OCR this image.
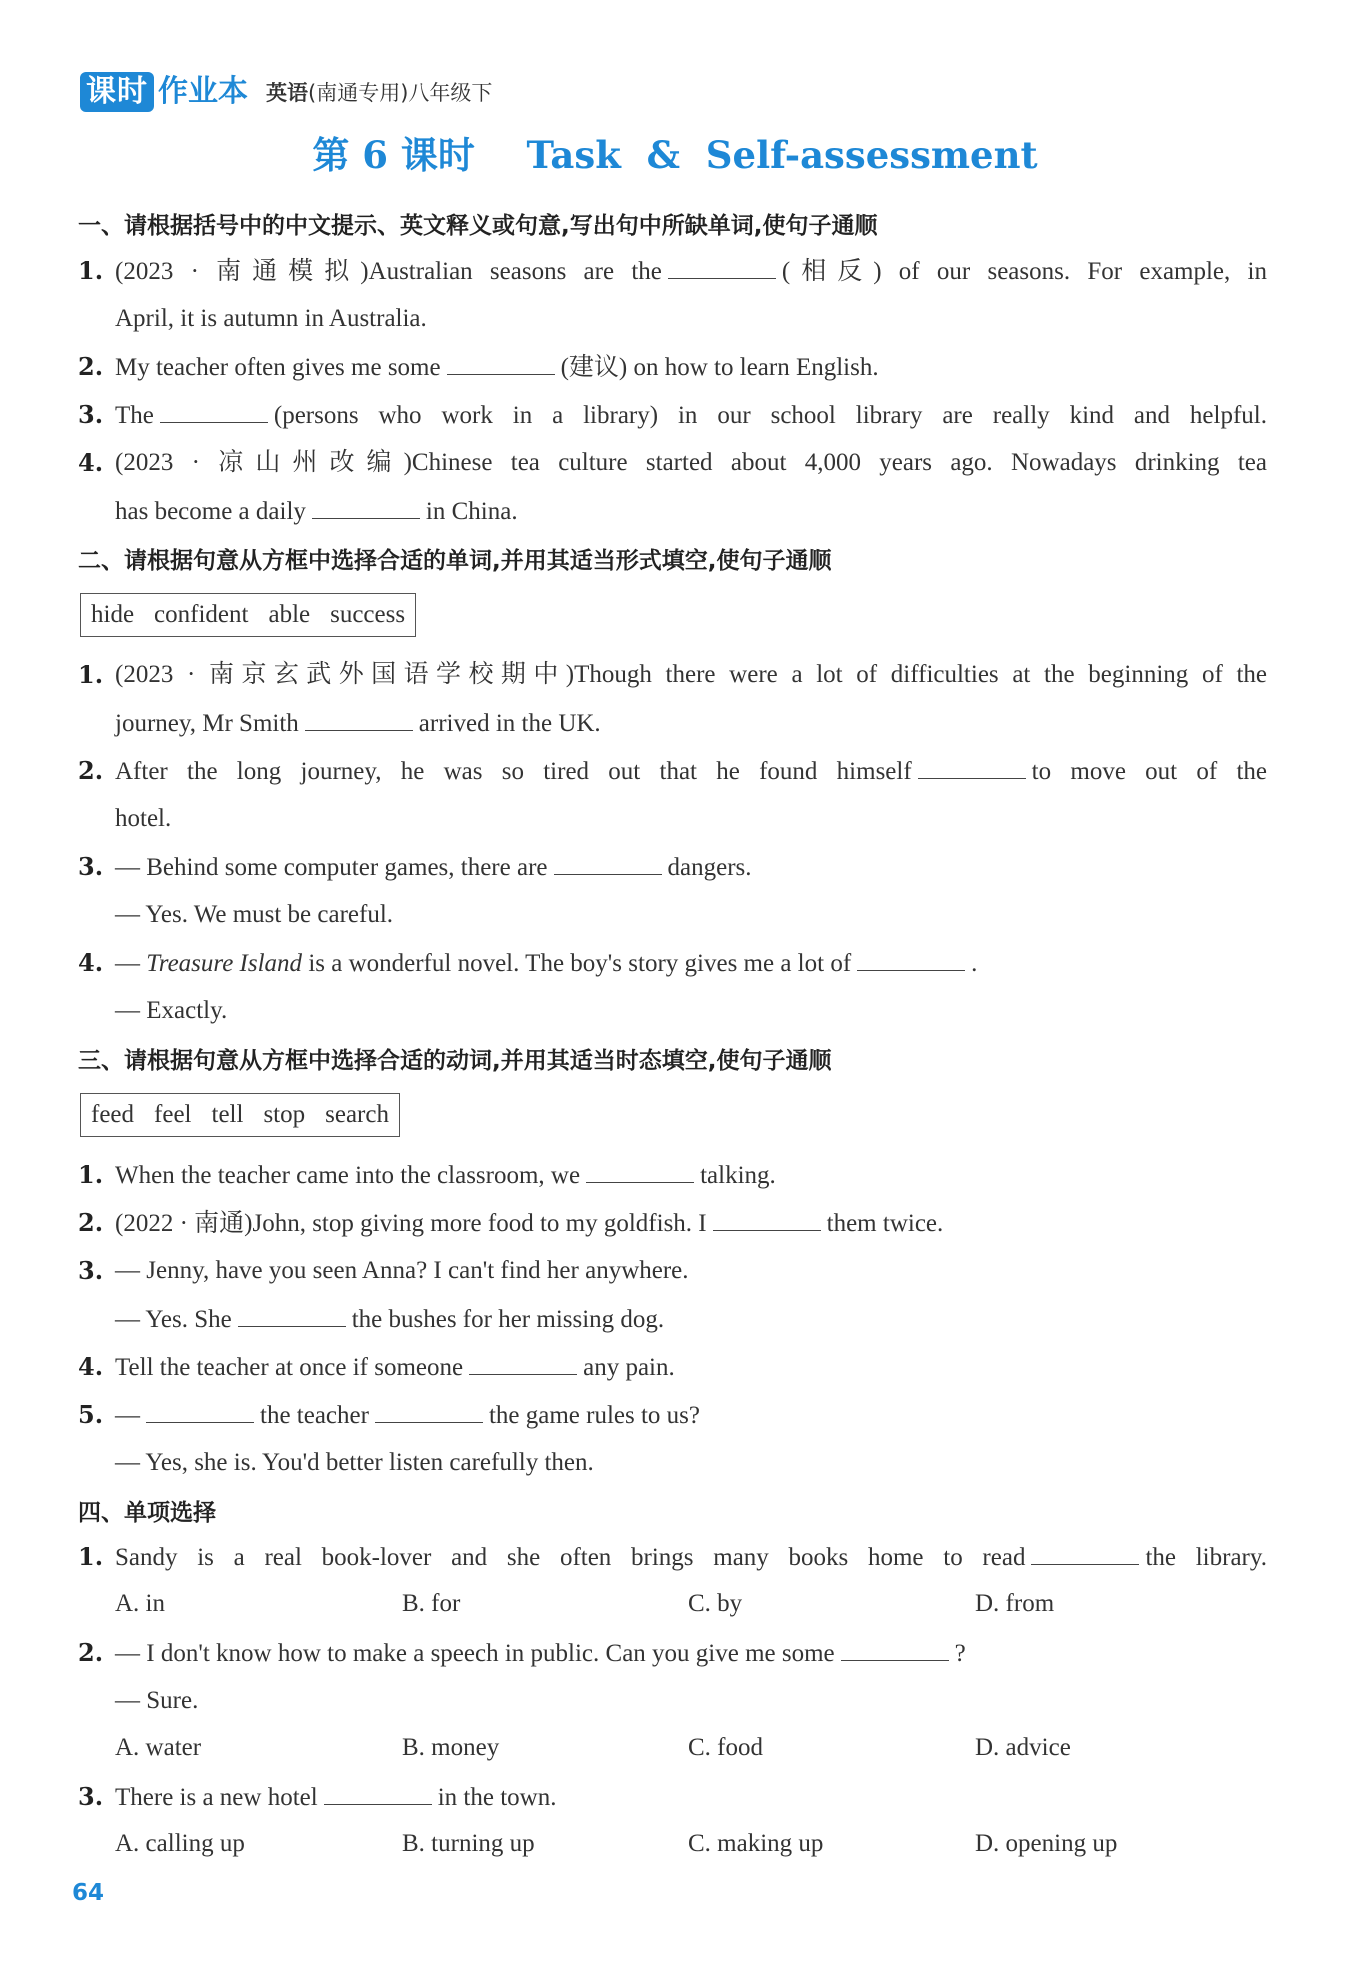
课时 作业本 英语(南通专用)八年级下
第 6 课时    Task  &  Self-assessment
一、请根据括号中的中文提示、英文释义或句意,写出句中所缺单词,使句子通顺
1. (2023 · 南通模拟)Australian seasons are the	(相反) of our seasons. For example, in
April, it is autumn in Australia.
2. My teacher often gives me some	(建议) on how to learn English.
3. The	(persons who work in a library) in our school library are really kind and helpful.
4. (2023 · 凉山州改编)Chinese tea culture started about 4,000 years ago. Nowadays drinking tea
has become a daily	in China.
二、请根据句意从方框中选择合适的单词,并用其适当形式填空,使句子通顺
hide confident able success
1. (2023 · 南京玄武外国语学校期中)Though there were a lot of difficulties at the beginning of the
journey, Mr Smith	arrived in the UK.
2. After the long journey, he was so tired out that he found himself	to move out of the
hotel.
3. — Behind some computer games, there are	dangers.
— Yes. We must be careful.
4. — Treasure Island is a wonderful novel. The boy's story gives me a lot of	.
— Exactly.
三、请根据句意从方框中选择合适的动词,并用其适当时态填空,使句子通顺
feed feel tell stop search
1. When the teacher came into the classroom, we	talking.
2. (2022 · 南通)John, stop giving more food to my goldfish. I	them twice.
3. — Jenny, have you seen Anna? I can't find her anywhere.
— Yes. She	the bushes for her missing dog.
4. Tell the teacher at once if someone	any pain.
5. —	the teacher	the game rules to us?
— Yes, she is. You'd better listen carefully then.
四、单项选择
1. Sandy is a real book-lover and she often brings many books home to read	the library.
A. in	B. for	C. by	D. from
2. — I don't know how to make a speech in public. Can you give me some	?
— Sure.
A. water	B. money	C. food	D. advice
3. There is a new hotel	in the town.
A. calling up	B. turning up	C. making up	D. opening up
64
